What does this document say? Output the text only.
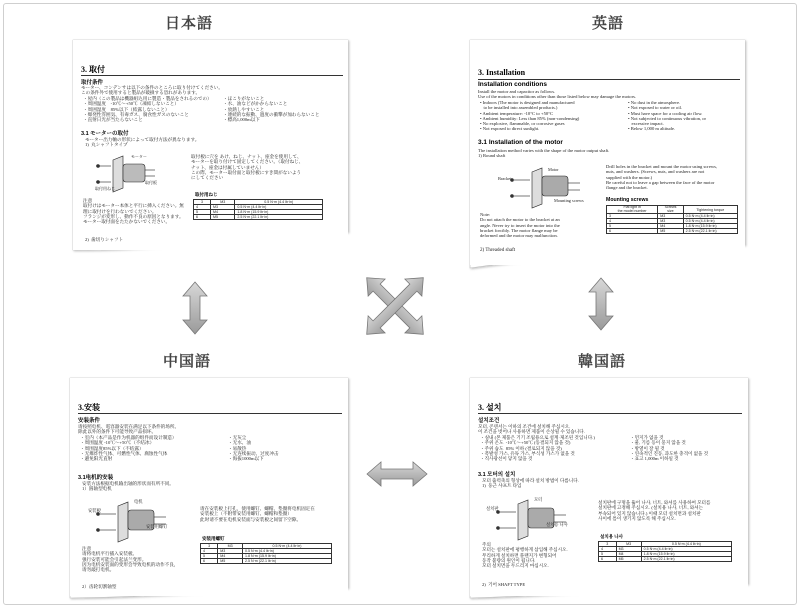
日本語	英語
中国語	韓国語
3. 取付
取付条件
モーター、コンデンサは以下の条件のところに取り付けてください。
この条件外で使用すると製品が破損する恐れがあります。
・屋内（この製品は機器組込用に製造・製品をされるのでの）
・周囲温度　-10℃〜+50℃（凍結しないこと）
・周囲湿度　85%以下（結露しないこと）
・爆発性雰囲気、有毒ガス、腐食性ガスのないこと
・直射日光が当たらないこと
・ほこりがないこと
・水、油などがかからないこと
・放熱しやすいこと
・連続的な振動、過度の衝撃が加わらないこと
・標高1,000m以下
3.1 モーターの取付
モーター出力軸の形状によって取付方法が異なります。
1)  丸シャフトタイプ
モーター
取付用ねじ
取付板
取付板に穴を あけ、ねじ、ナット、座金を使用して、
モーターを取り付けて固定してください。（取付ねじ、
ナット、座金は付属していません）
この際、モーター取付面と取付板にすき間がないよう
にしてください
注意
取付けはモーター本体と平行に挿入ください。無
理に取付けを行わないでください。
フランジが変形し、動作不良の原因となります。
モーター取付面をたたかないでください。
取付用ねじ
3	M3	0.5 N·m (4.4 lb·in)
4	M3	0.5 N·m (4.4 lb·in)
5	M4	1.8 N·m (15.9 lb·in)
6	M5	2.5 N·m (22.1 lb·in)
2)  歯切りシャフト
3. Installation
Installation conditions
Install the motor and capacitor as follows.
Use of the motors in conditions other than those listed below may damage the motors.
• Indoors (The motor is designed and manufactured
to be installed into assembled products.)
• Ambient temperature: -10°C to +50°C
• Ambient humidity: Less than 85% (non-condensing)
• No explosive, flammable, or corrosive gases
• Not exposed to direct sunlight.
• No dust in the atmosphere.
• Not exposed to water or oil.
• Must have space for a cooling air flow.
• Not subjected to continuous vibration, or
excessive impact.
• Below 1,000 m altitude.
3.1 Installation of the motor
The installation method varies with the shape of the motor output shaft.
1) Round shaft
Motor
Bracket
Mounting screws
Drill holes in the bracket and mount the motor using screws,
nuts, and washers. (Screws, nuts, and washers are not
supplied with the motor.)
Be careful not to leave a gap between the face of the motor
flange and the bracket.
Note:
Do not attach the motor to the bracket at an
angle. Never try to insert the motor into the
bracket forcibly. The motor flange may be
deformed and the motor may malfunction.
Mounting screws
Flat light in
the model number	Screws
size	Tightening torque
3	M3	0.5 N·m (4.4 lb·in)
4	M3	0.5 N·m (4.4 lb·in)
5	M4	1.8 N·m (15.9 lb·in)
6	M5	2.5 N·m (22.1 lb·in)
2) Threaded shaft
3.安装
安装条件
请按照电机、電容器安装在满足以下条件的场所。
除此以外的条件下可能导致产品损坏。
・室内（本产品是作为机器的组件而设计制造）
・周围温度 -10℃～+50℃（不结冰）
・周围湿度85%以下（不结露）
・无爆炸性气体、可燃性气体、腐蚀性气体
・避免阳光直射
・无灰尘
・无水、油
・易散热
・无连续振动、过度冲击
・海拔1000m以下
3.1电机的安装
安装方法根据电机输出轴的形状而有所不同。
1）圆轴型电机
电机
安装板
安装用螺钉
请在安装板上打孔，使用螺钉、螺帽、垫圈将电机固定在
安装板上（不附带安装用螺钉、螺帽和垫圈）
此时请不要在电机安装面与安装板之间留下空隙。
注意
请将电机平行插入安装板。
强行安装可能会引起法兰变形。
因为电机安装面的变形会导致电机的动作不良，
请勿敲打电机。
安装用螺钉
3	M3	0.5 N·m (4.4 lb·in)
4	M3	0.5 N·m (4.4 lb·in)
5	M4	1.8 N·m (15.9 lb·in)
6	M5	2.5 N·m (22.1 lb·in)
2）齿轮切割轴型
3. 설치
설치조건
모터, 콘덴서는 이하의 조건에 설치해 주십시오.
이 조건을 벗어나 사용하면 제품이 손상될 수 있습니다.
・실내 (본 제품은 기기 조립용으로 설계·제조된 것입니다.)
・주위 온도  -10℃〜+50℃ (동결되지 않을 것)
・주위 습도  85% 이하 (결로되지 않을 것)
・폭발성 가스, 유독 가스, 부식성 가스가 없을 것
・직사광선이 닿지 않을 것
・먼지가 없을 것
・물, 기름 등이 묻지 않을 것
・방열이 잘 될 것
・연속적인 진동, 과도한 충격이 없을 것
・표고 1,000m 이하일 것
3.1 모터의 설치
모터 출력축의 형상에 따라 설치 방법이 다릅니다.
1)  둥근 샤프트 타입
모터
설치판
설치용 나사
설치판에 구멍을 뚫어 나사, 너트, 와셔를 사용하여 모터를
설치판에 고정해 주십시오. (설치용 나사, 너트, 와셔는
부속되어 있지 않습니다.) 이때 모터 설치면과 설치판
사이에 틈이 생기지 않도록 해 주십시오.
주의
모터는 설치판에 평행하게 삽입해 주십시오.
무리하게 설치하면 플랜지가 변형되어
동작 불량의 원인이 됩니다.
모터 설치면을 두드리지 마십시오.
설치용 나사
3	M3	0.5 N·m (4.4 lb·in)
4	M3	0.5 N·m (4.4 lb·in)
5	M4	1.8 N·m (15.9 lb·in)
6	M5	2.5 N·m (22.1 lb·in)
2)  기어 SHAFT TYPE
